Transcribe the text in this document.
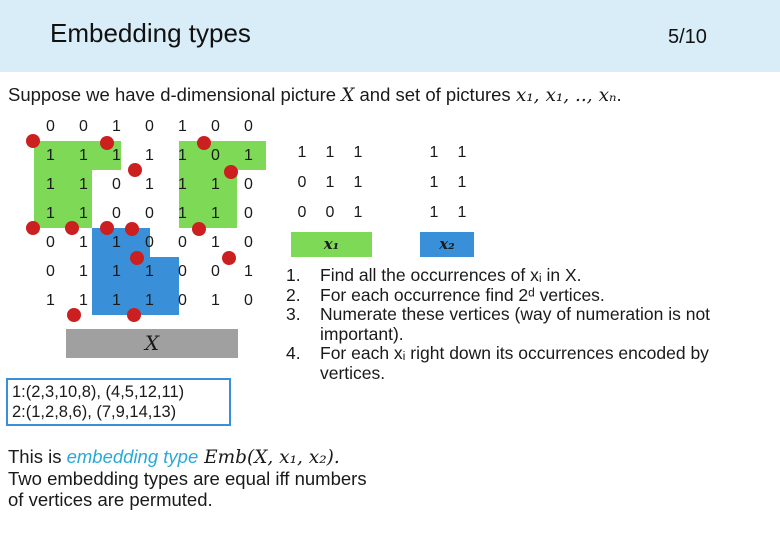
Embedding types	5/10
Suppose we have d-dimensional picture X and set of pictures x₁, x₁, .., xₙ.
0	0	1	0	1	0	0
1	1	1	1	1	0	1
1	1	0	1	1	1	0
1	1	0	0	1	1	0
0	1	1	0	0	1	0
0	1	1	1	0	0	1
1	1	1	1	0	1	0
X
1	1	1
0	1	1
0	0	1
x₁
1	1
1	1
1	1
x₂
1. Find all the occurrences of xᵢ in X.
2. For each occurrence find 2ᵈ vertices.
3. Numerate these vertices (way of numeration is not important).
4. For each xᵢ right down its occurrences encoded by vertices.
1:(2,3,10,8), (4,5,12,11)
2:(1,2,8,6), (7,9,14,13)
This is embedding type Emb(X, x₁, x₂).
Two embedding types are equal iff numbers
of vertices are permuted.
